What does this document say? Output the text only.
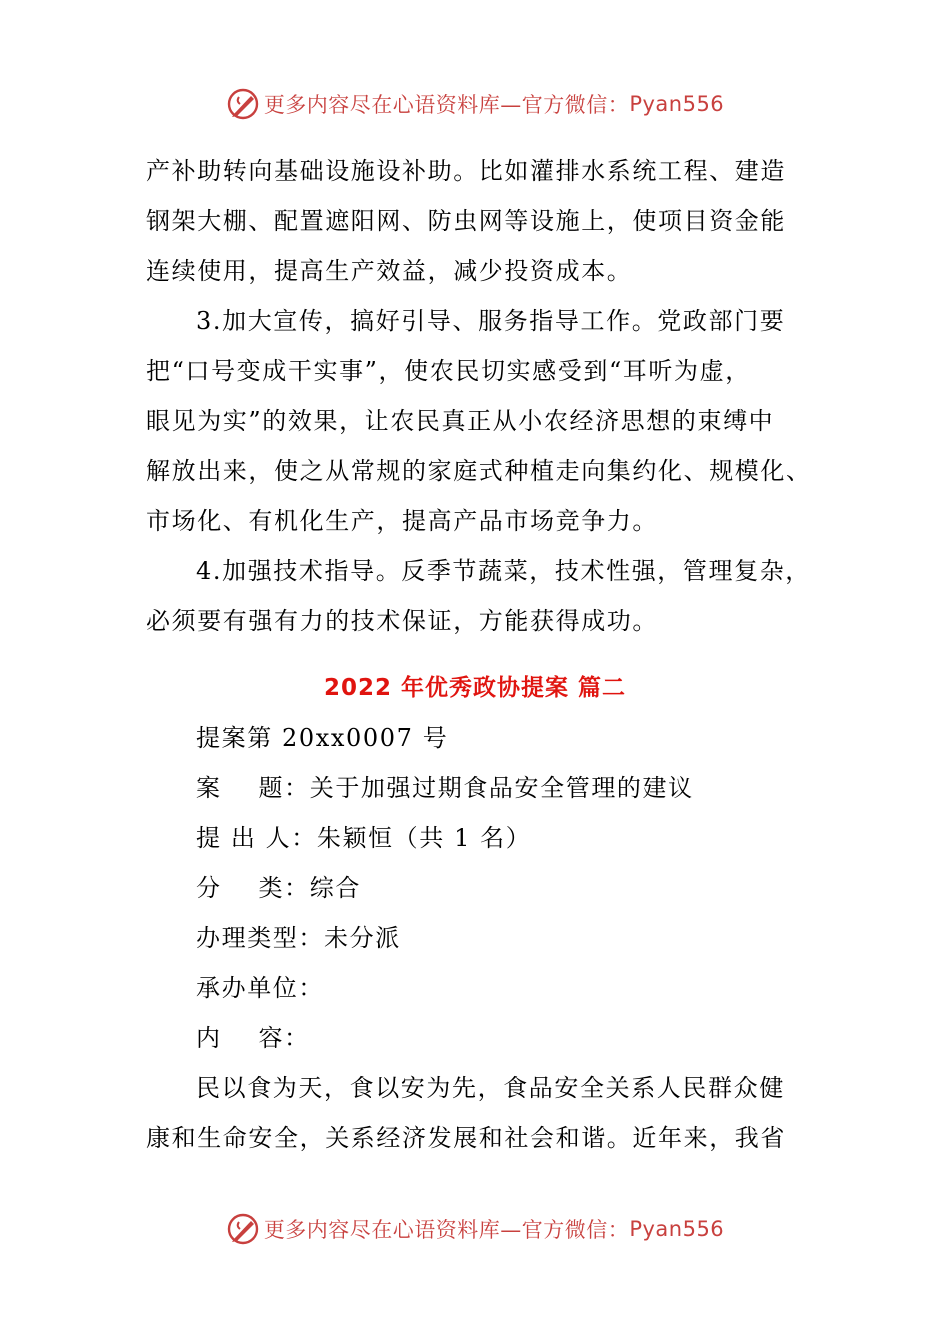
更多内容尽在心语资料库—官方微信： Pyan556
产补助转向基础设施设补助。比如灌排水系统工程、建造
钢架大棚、配置遮阳网、防虫网等设施上，使项目资金能
连续使用，提高生产效益，减少投资成本。
3.加大宣传，搞好引导、服务指导工作。党政部门要
把“口号变成干实事”，使农民切实感受到“耳听为虚，
眼见为实”的效果，让农民真正从小农经济思想的束缚中
解放出来，使之从常规的家庭式种植走向集约化、规模化、
市场化、有机化生产，提高产品市场竞争力。
4.加强技术指导。反季节蔬菜，技术性强，管理复杂，
必须要有强有力的技术保证，方能获得成功。
2022 年优秀政协提案 篇二
提案第 20xx0007 号
案    题：关于加强过期食品安全管理的建议
提 出 人：朱颖恒（共 1 名）
分    类：综合
办理类型：未分派
承办单位：
内    容：
民以食为天，食以安为先，食品安全关系人民群众健
康和生命安全，关系经济发展和社会和谐。近年来，我省
更多内容尽在心语资料库—官方微信： Pyan556
